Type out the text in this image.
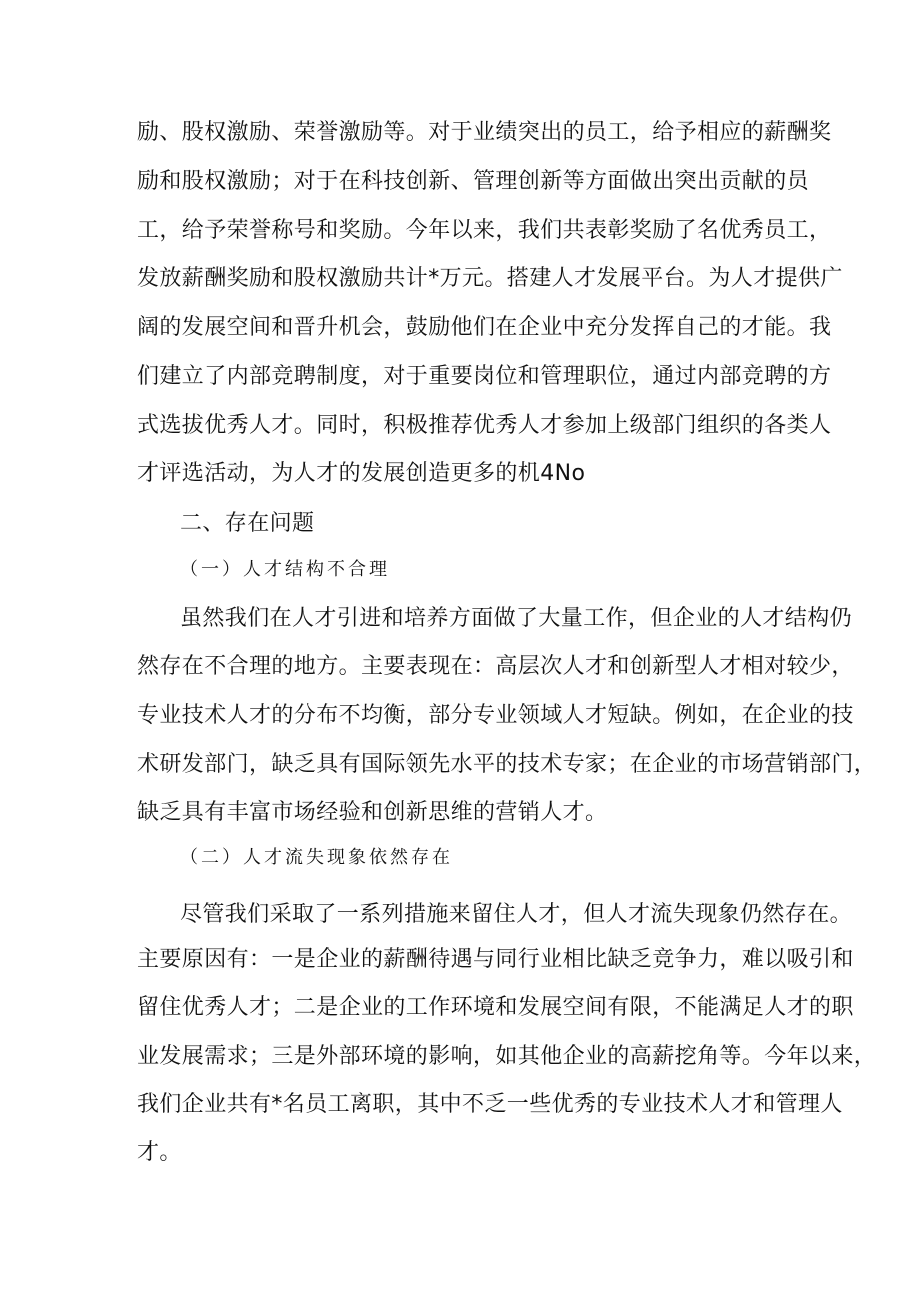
励、股权激励、荣誉激励等。对于业绩突出的员工，给予相应的薪酬奖
励和股权激励；对于在科技创新、管理创新等方面做出突出贡献的员
工，给予荣誉称号和奖励。今年以来，我们共表彰奖励了名优秀员工，
发放薪酬奖励和股权激励共计*万元。搭建人才发展平台。为人才提供广
阔的发展空间和晋升机会，鼓励他们在企业中充分发挥自己的才能。我
们建立了内部竞聘制度，对于重要岗位和管理职位，通过内部竞聘的方
式选拔优秀人才。同时，积极推荐优秀人才参加上级部门组织的各类人
才评选活动，为人才的发展创造更多的机4No
二、存在问题
（一）人才结构不合理
虽然我们在人才引进和培养方面做了大量工作，但企业的人才结构仍
然存在不合理的地方。主要表现在：高层次人才和创新型人才相对较少，
专业技术人才的分布不均衡，部分专业领域人才短缺。例如，在企业的技
术研发部门，缺乏具有国际领先水平的技术专家；在企业的市场营销部门，
缺乏具有丰富市场经验和创新思维的营销人才。
（二）人才流失现象依然存在
尽管我们采取了一系列措施来留住人才，但人才流失现象仍然存在。
主要原因有：一是企业的薪酬待遇与同行业相比缺乏竞争力，难以吸引和
留住优秀人才；二是企业的工作环境和发展空间有限，不能满足人才的职
业发展需求；三是外部环境的影响，如其他企业的高薪挖角等。今年以来，
我们企业共有*名员工离职，其中不乏一些优秀的专业技术人才和管理人
才。
